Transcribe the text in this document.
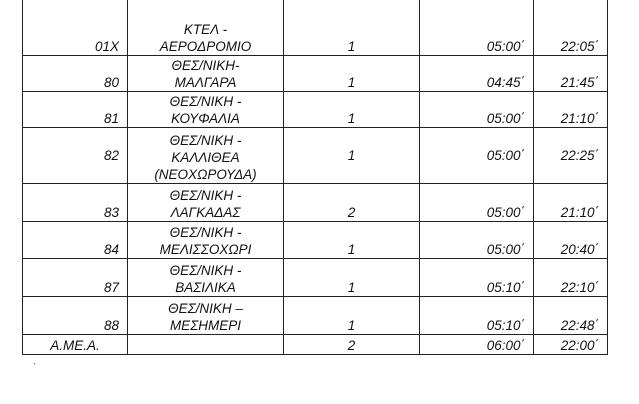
01X	ΚΤΕΛ -
ΑΕΡΟΔΡΟΜΙΟ	1	05:00΄	22:05΄
80	ΘΕΣ/ΝΙΚΗ-
ΜΑΛΓΑΡΑ	1	04:45΄	21:45΄
81	ΘΕΣ/ΝΙΚΗ -
ΚΟΥΦΑΛΙΑ	1	05:00΄	21:10΄
82	ΘΕΣ/ΝΙΚΗ -
ΚΑΛΛΙΘΕΑ
(ΝΕΟΧΩΡΟΥΔΑ)	1	05:00΄	22:25΄
83	ΘΕΣ/ΝΙΚΗ -
ΛΑΓΚΑΔΑΣ	2	05:00΄	21:10΄
84	ΘΕΣ/ΝΙΚΗ -
ΜΕΛΙΣΣΟΧΩΡΙ	1	05:00΄	20:40΄
87	ΘΕΣ/ΝΙΚΗ -
ΒΑΣΙΛΙΚΑ	1	05:10΄	22:10΄
88	ΘΕΣ/ΝΙΚΗ –
ΜΕΣΗΜΕΡΙ	1	05:10΄	22:48΄
Α.ΜΕ.Α.		2	06:00΄	22:00΄
΄
